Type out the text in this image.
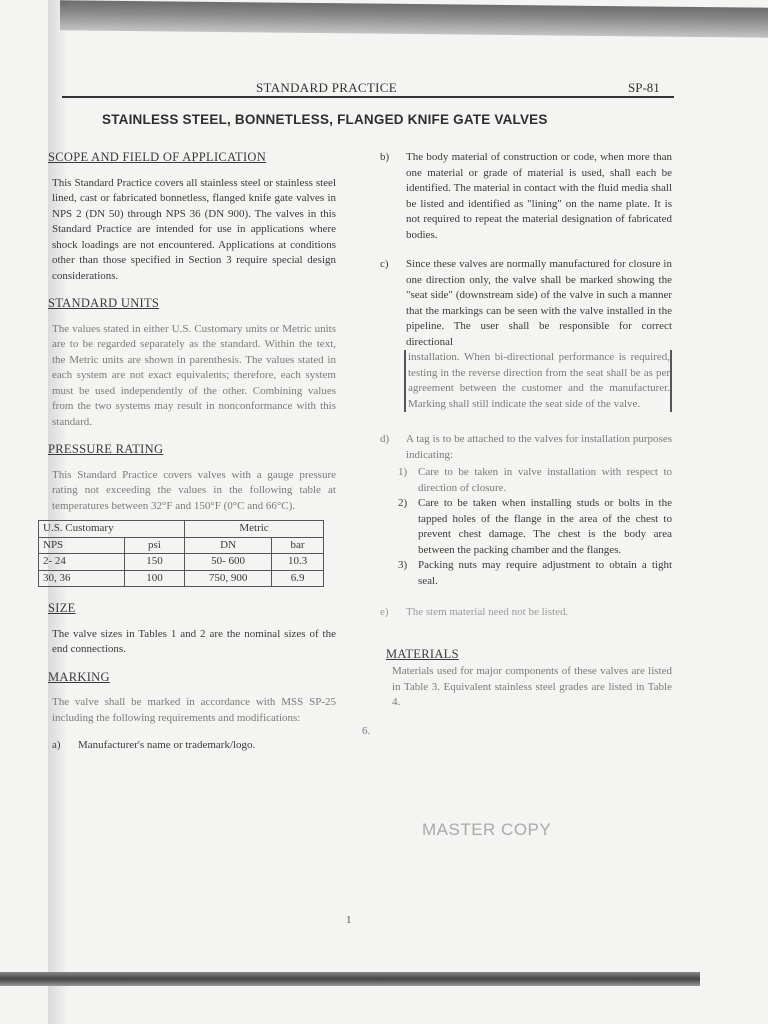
STANDARD PRACTICE	SP-81
STAINLESS STEEL, BONNETLESS, FLANGED KNIFE GATE VALVES
SCOPE AND FIELD OF APPLICATION
This Standard Practice covers all stainless steel or stainless steel lined, cast or fabricated bonnetless, flanged knife gate valves in NPS 2 (DN 50) through NPS 36 (DN 900). The valves in this Standard Practice are intended for use in applications where shock loadings are not encountered. Applications at conditions other than those specified in Section 3 require special design considerations.
STANDARD UNITS
The values stated in either U.S. Customary units or Metric units are to be regarded separately as the standard. Within the text, the Metric units are shown in parenthesis. The values stated in each system are not exact equivalents; therefore, each system must be used independently of the other. Combining values from the two systems may result in nonconformance with this standard.
PRESSURE RATING
This Standard Practice covers valves with a gauge pressure rating not exceeding the values in the following table at temperatures between 32°F and 150°F (0°C and 66°C).
U.S. Customary		Metric	
NPS	psi	DN	bar
2- 24	150	50- 600	10.3
30, 36	100	750, 900	6.9
SIZE
The valve sizes in Tables 1 and 2 are the nominal sizes of the end connections.
MARKING
The valve shall be marked in accordance with MSS SP-25 including the following requirements and modifications:
a)	Manufacturer's name or trademark/logo.
b)	The body material of construction or code, when more than one material or grade of material is used, shall each be identified. The material in contact with the fluid media shall be listed and identified as "lining" on the name plate. It is not required to repeat the material designation of fabricated bodies.
c)	Since these valves are normally manufactured for closure in one direction only, the valve shall be marked showing the "seat side" (downstream side) of the valve in such a manner that the markings can be seen with the valve installed in the pipeline. The user shall be responsible for correct directional
installation. When bi-directional performance is required, testing in the reverse direction from the seat shall be as per agreement between the customer and the manufacturer. Marking shall still indicate the seat side of the valve.
d)	A tag is to be attached to the valves for installation purposes indicating:
1) Care to be taken in valve installation with respect to direction of closure.
2) Care to be taken when installing studs or bolts in the tapped holes of the flange in the area of the chest to prevent chest damage. The chest is the body area between the packing chamber and the flanges.
3) Packing nuts may require adjustment to obtain a tight seal.
e)	The stem material need not be listed.
MATERIALS
Materials used for major components of these valves are listed in Table 3. Equivalent stainless steel grades are listed in Table 4.
6.
MASTER COPY
1
